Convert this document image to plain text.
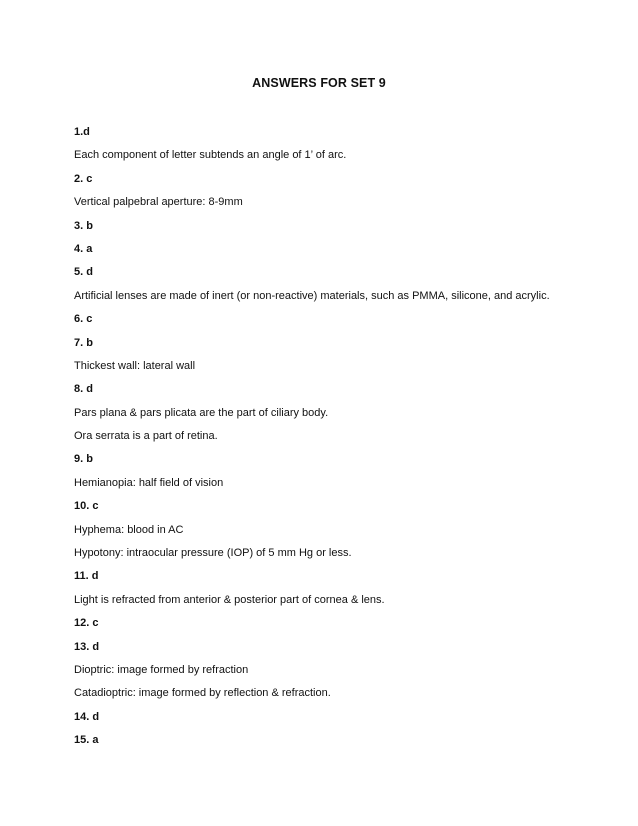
ANSWERS FOR SET 9
1.d
Each component of letter subtends an angle of 1’ of arc.
2. c
Vertical palpebral aperture: 8-9mm
3. b
4. a
5. d
Artificial lenses are made of inert (or non-reactive) materials, such as PMMA, silicone, and acrylic.
6. c
7. b
Thickest wall: lateral wall
8. d
Pars plana & pars plicata are the part of ciliary body.
Ora serrata is a part of retina.
9. b
Hemianopia: half field of vision
10. c
Hyphema: blood in AC
Hypotony: intraocular pressure (IOP) of 5 mm Hg or less.
11. d
Light is refracted from anterior & posterior part of cornea & lens.
12. c
13. d
Dioptric: image formed by refraction
Catadioptric: image formed by reflection & refraction.
14. d
15. a
